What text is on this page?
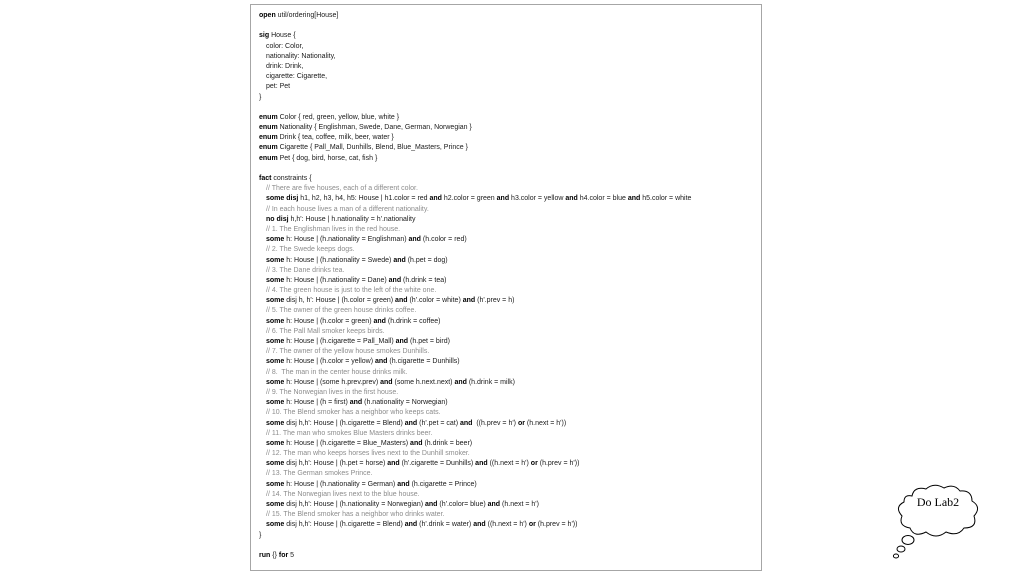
open util/ordering[House]
sig House {
color: Color,
nationality: Nationality,
drink: Drink,
cigarette: Cigarette,
pet: Pet
}
enum Color { red, green, yellow, blue, white }
enum Nationality { Englishman, Swede, Dane, German, Norwegian }
enum Drink { tea, coffee, milk, beer, water }
enum Cigarette { Pall_Mall, Dunhills, Blend, Blue_Masters, Prince }
enum Pet { dog, bird, horse, cat, fish }
fact constraints {
// There are five houses, each of a different color.
some disj h1, h2, h3, h4, h5: House | h1.color = red and h2.color = green and h3.color = yellow and h4.color = blue and h5.color = white
// In each house lives a man of a different nationality.
no disj h,h': House | h.nationality = h'.nationality
// 1. The Englishman lives in the red house.
some h: House | (h.nationality = Englishman) and (h.color = red)
// 2. The Swede keeps dogs.
some h: House | (h.nationality = Swede) and (h.pet = dog)
// 3. The Dane drinks tea.
some h: House | (h.nationality = Dane) and (h.drink = tea)
// 4. The green house is just to the left of the white one.
some disj h, h': House | (h.color = green) and (h'.color = white) and (h'.prev = h)
// 5. The owner of the green house drinks coffee.
some h: House | (h.color = green) and (h.drink = coffee)
// 6. The Pall Mall smoker keeps birds.
some h: House | (h.cigarette = Pall_Mall) and (h.pet = bird)
// 7. The owner of the yellow house smokes Dunhills.
some h: House | (h.color = yellow) and (h.cigarette = Dunhills)
// 8.  The man in the center house drinks milk.
some h: House | (some h.prev.prev) and (some h.next.next) and (h.drink = milk)
// 9. The Norwegian lives in the first house.
some h: House | (h = first) and (h.nationality = Norwegian)
// 10. The Blend smoker has a neighbor who keeps cats.
some disj h,h': House | (h.cigarette = Blend) and (h'.pet = cat) and  ((h.prev = h') or (h.next = h'))
// 11. The man who smokes Blue Masters drinks beer.
some h: House | (h.cigarette = Blue_Masters) and (h.drink = beer)
// 12. The man who keeps horses lives next to the Dunhill smoker.
some disj h,h': House | (h.pet = horse) and (h'.cigarette = Dunhills) and ((h.next = h') or (h.prev = h'))
// 13. The German smokes Prince.
some h: House | (h.nationality = German) and (h.cigarette = Prince)
// 14. The Norwegian lives next to the blue house.
some disj h,h': House | (h.nationality = Norwegian) and (h'.color= blue) and (h.next = h')
// 15. The Blend smoker has a neighbor who drinks water.
some disj h,h': House | (h.cigarette = Blend) and (h'.drink = water) and ((h.next = h') or (h.prev = h'))
}
run {} for 5
Do Lab2
